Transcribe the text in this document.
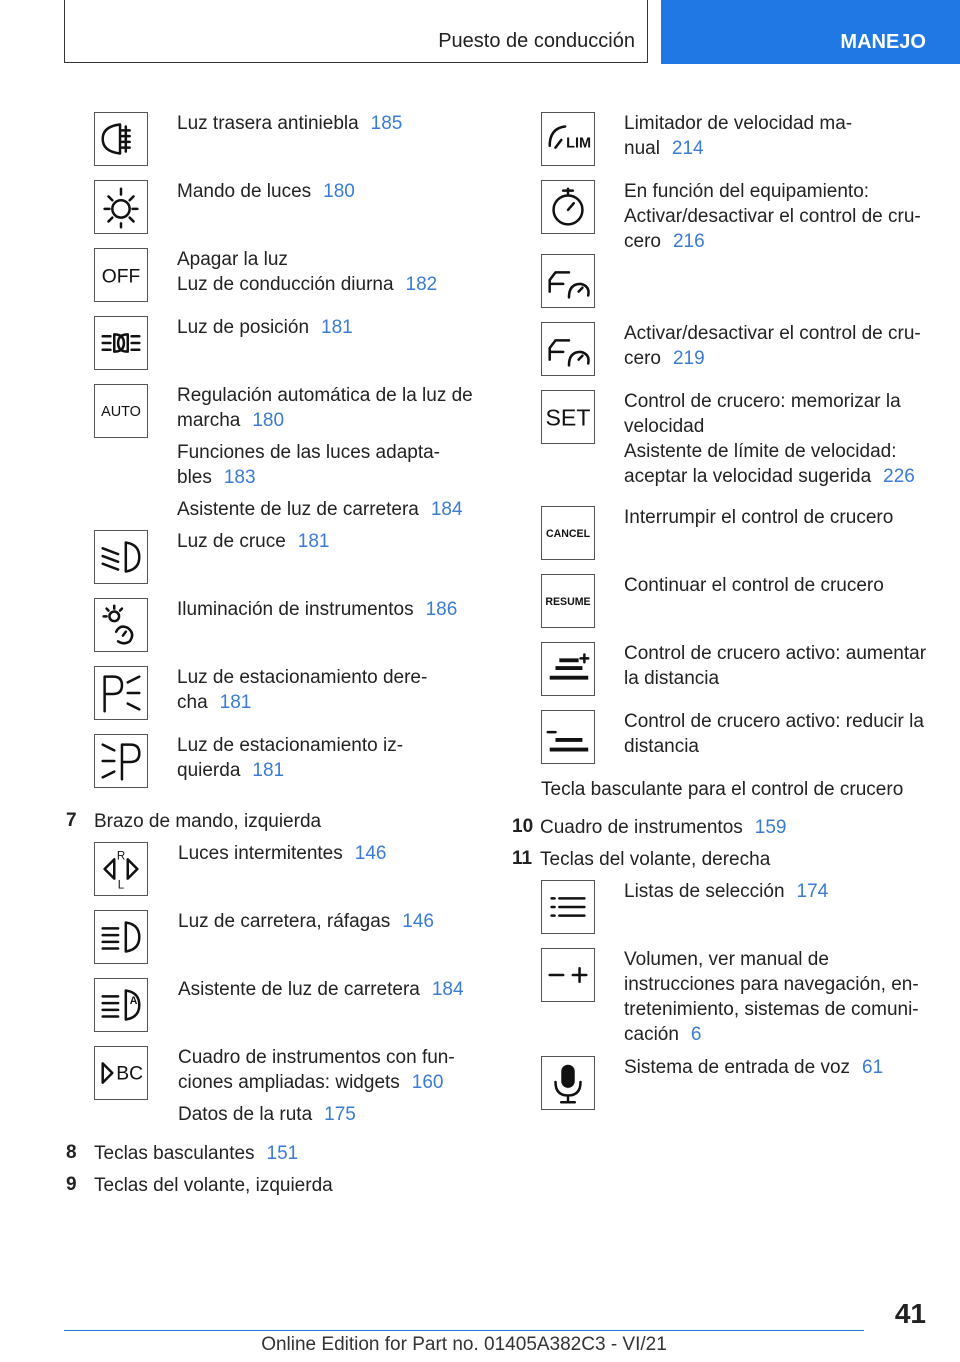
Puesto de conducción	MANEJO
Luz trasera antiniebla 185
Mando de luces 180
OFF
Apagar la luz
Luz de conducción diurna 182
Luz de posición 181
AUTO
Regulación automática de la luz de
marcha 180
Funciones de las luces adapta-
bles 183
Asistente de luz de carretera 184
Luz de cruce 181
Iluminación de instrumentos 186
Luz de estacionamiento dere-
cha 181
Luz de estacionamiento iz-
quierda 181
7 Brazo de mando, izquierda
R
L
Luces intermitentes 146
Luz de carretera, ráfagas 146
A
Asistente de luz de carretera 184
BC
Cuadro de instrumentos con fun-
ciones ampliadas: widgets 160
Datos de la ruta 175
8 Teclas basculantes 151
9 Teclas del volante, izquierda
LIM
Limitador de velocidad ma-
nual 214
En función del equipamiento:
Activar/desactivar el control de cru-
cero 216
Activar/desactivar el control de cru-
cero 219
SET
Control de crucero: memorizar la
velocidad
Asistente de límite de velocidad:
aceptar la velocidad sugerida 226
CANCEL
Interrumpir el control de crucero
RESUME
Continuar el control de crucero
Control de crucero activo: aumentar
la distancia
Control de crucero activo: reducir la
distancia
Tecla basculante para el control de crucero
10 Cuadro de instrumentos 159
11 Teclas del volante, derecha
Listas de selección 174
Volumen, ver manual de
instrucciones para navegación, en-
tretenimiento, sistemas de comuni-
cación 6
Sistema de entrada de voz 61
41
Online Edition for Part no. 01405A382C3 - VI/21
